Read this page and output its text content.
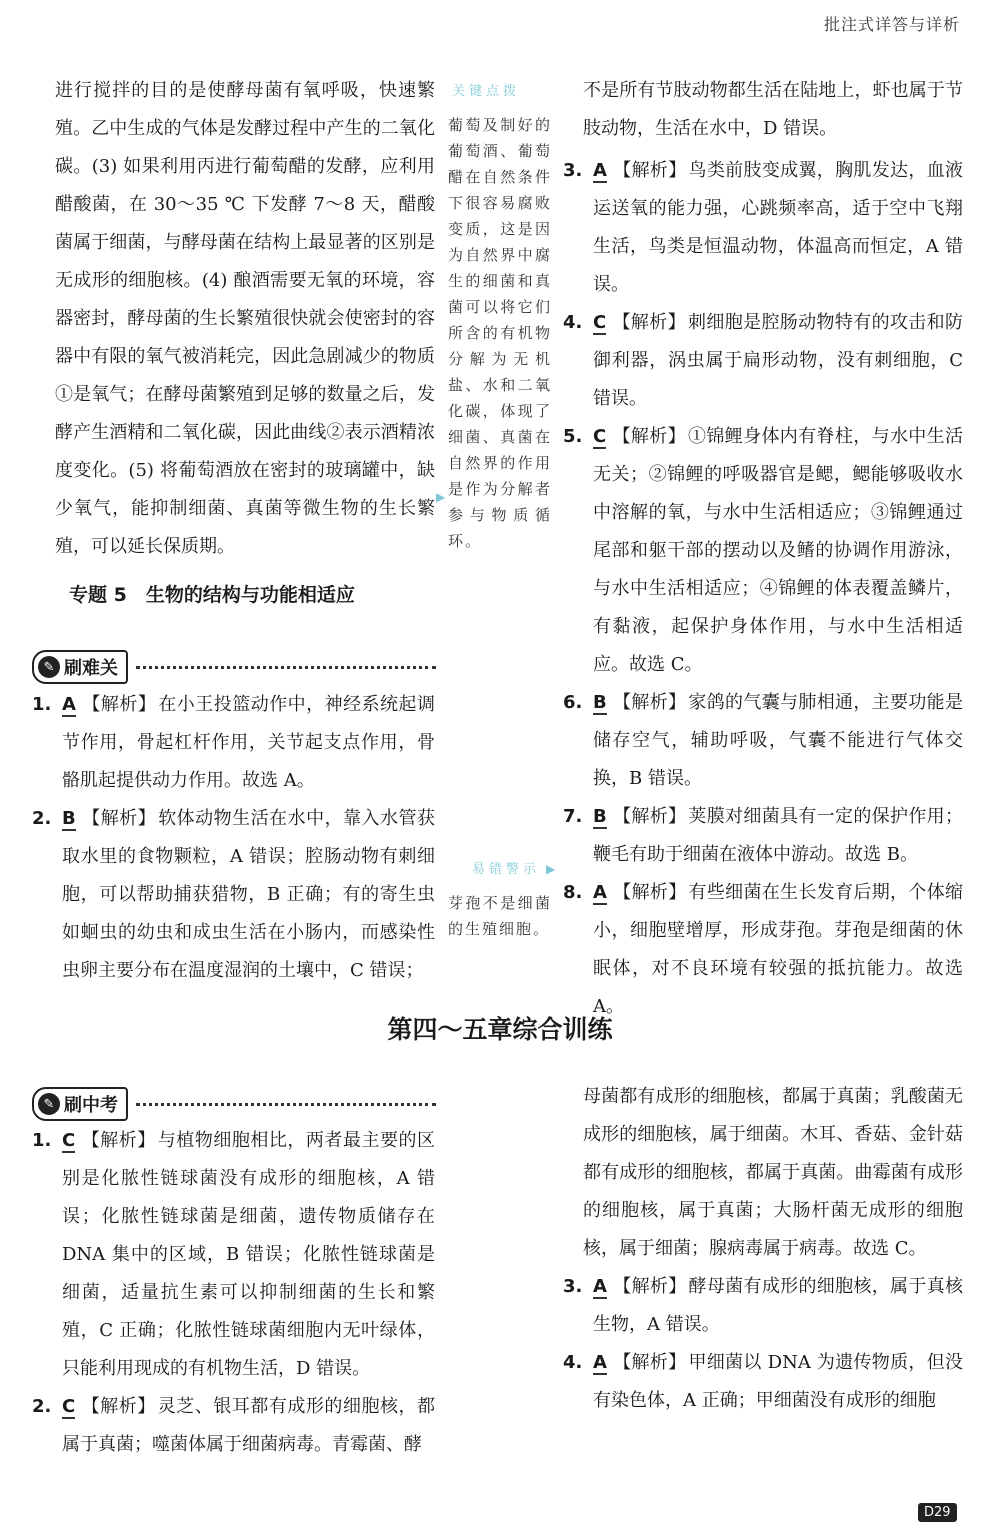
批注式详答与详析

进行搅拌的目的是使酵母菌有氧呼吸，快速繁殖。乙中生成的气体是发酵过程中产生的二氧化碳。(3) 如果利用丙进行葡萄醋的发酵，应利用醋酸菌，在 30～35 ℃ 下发酵 7～8 天，醋酸菌属于细菌，与酵母菌在结构上最显著的区别是无成形的细胞核。(4) 酿酒需要无氧的环境，容器密封，酵母菌的生长繁殖很快就会使密封的容器中有限的氧气被消耗完，因此急剧减少的物质①是氧气；在酵母菌繁殖到足够的数量之后，发酵产生酒精和二氧化碳，因此曲线②表示酒精浓度变化。(5) 将葡萄酒放在密封的玻璃罐中，缺少氧气，能抑制细菌、真菌等微生物的生长繁殖，可以延长保质期。

专题 5　生物的结构与功能相适应
✎ 刷难关

1. A 【解析】 在小王投篮动作中，神经系统起调节作用，骨起杠杆作用，关节起支点作用，骨骼肌起提供动力作用。故选 A。

2. B 【解析】 软体动物生活在水中，靠入水管获取水里的食物颗粒，A 错误；腔肠动物有刺细胞，可以帮助捕获猎物，B 正确；有的寄生虫如蛔虫的幼虫和成虫生活在小肠内，而感染性虫卵主要分布在温度湿润的土壤中，C 错误；

关键点拨
葡萄及制好的葡萄酒、葡萄醋在自然条件下很容易腐败变质，这是因为自然界中腐生的细菌和真菌可以将它们所含的有机物分解为无机盐、水和二氧化碳，体现了细菌、真菌在自然界的作用是作为分解者参与物质循环。
▶
易错警示 ▶
芽孢不是细菌的生殖细胞。

不是所有节肢动物都生活在陆地上，虾也属于节肢动物，生活在水中，D 错误。

3. A 【解析】 鸟类前肢变成翼，胸肌发达，血液运送氧的能力强，心跳频率高，适于空中飞翔生活，鸟类是恒温动物，体温高而恒定，A 错误。

4. C 【解析】 刺细胞是腔肠动物特有的攻击和防御利器，涡虫属于扁形动物，没有刺细胞，C 错误。

5. C 【解析】 ①锦鲤身体内有脊柱，与水中生活无关；②锦鲤的呼吸器官是鳃，鳃能够吸收水中溶解的氧，与水中生活相适应；③锦鲤通过尾部和躯干部的摆动以及鳍的协调作用游泳，与水中生活相适应；④锦鲤的体表覆盖鳞片，有黏液，起保护身体作用，与水中生活相适应。故选 C。

6. B 【解析】 家鸽的气囊与肺相通，主要功能是储存空气，辅助呼吸，气囊不能进行气体交换，B 错误。

7. B 【解析】 荚膜对细菌具有一定的保护作用；鞭毛有助于细菌在液体中游动。故选 B。

8. A 【解析】 有些细菌在生长发育后期，个体缩小，细胞壁增厚，形成芽孢。芽孢是细菌的休眠体，对不良环境有较强的抵抗能力。故选 A。

第四～五章综合训练
✎ 刷中考

1. C 【解析】 与植物细胞相比，两者最主要的区别是化脓性链球菌没有成形的细胞核，A 错误；化脓性链球菌是细菌，遗传物质储存在 DNA 集中的区域，B 错误；化脓性链球菌是细菌，适量抗生素可以抑制细菌的生长和繁殖，C 正确；化脓性链球菌细胞内无叶绿体，只能利用现成的有机物生活，D 错误。

2. C 【解析】 灵芝、银耳都有成形的细胞核，都属于真菌；噬菌体属于细菌病毒。青霉菌、酵

母菌都有成形的细胞核，都属于真菌；乳酸菌无成形的细胞核，属于细菌。木耳、香菇、金针菇都有成形的细胞核，都属于真菌。曲霉菌有成形的细胞核，属于真菌；大肠杆菌无成形的细胞核，属于细菌；腺病毒属于病毒。故选 C。

3. A 【解析】 酵母菌有成形的细胞核，属于真核生物，A 错误。

4. A 【解析】 甲细菌以 DNA 为遗传物质，但没有染色体，A 正确；甲细菌没有成形的细胞

D29
